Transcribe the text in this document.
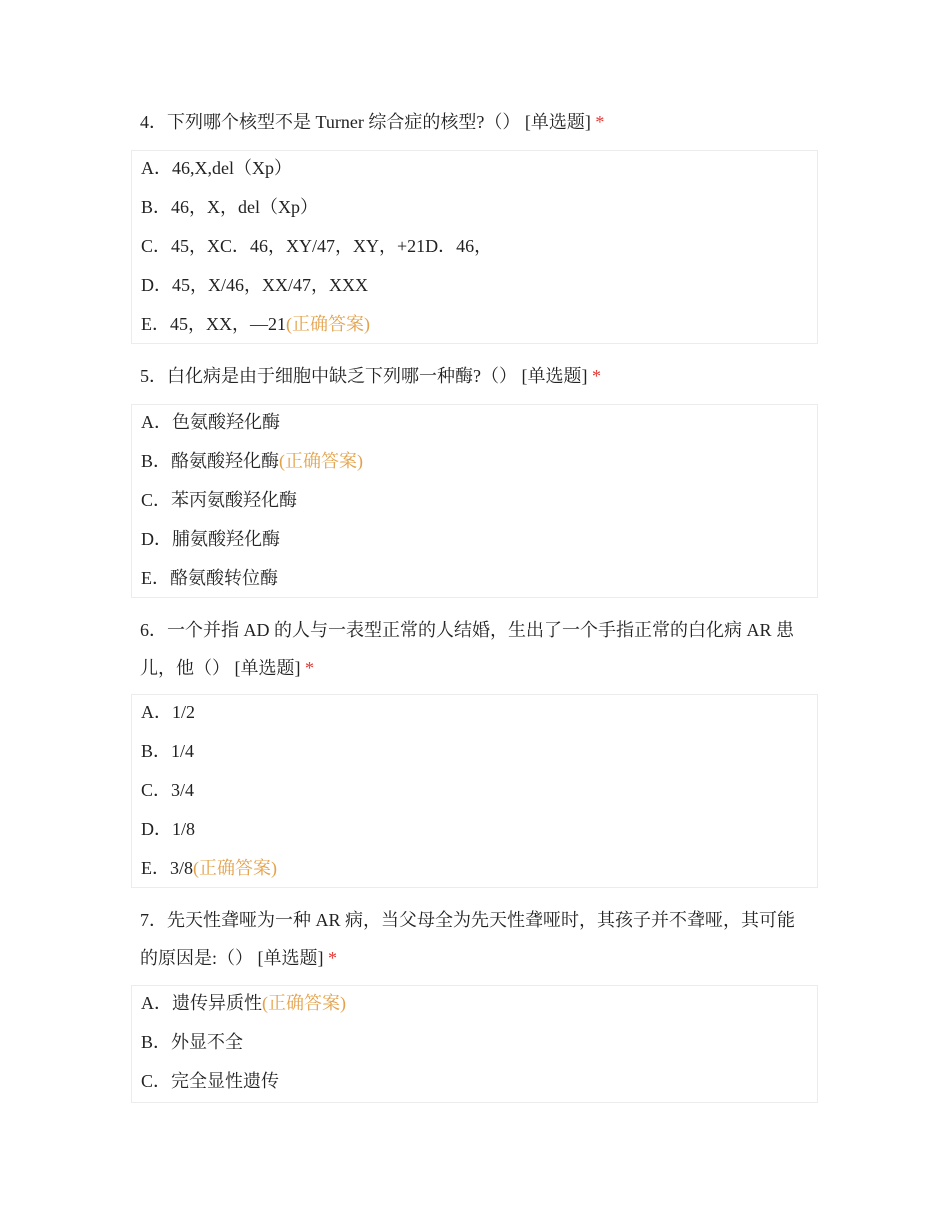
4．下列哪个核型不是 Turner 综合症的核型?（） [单选题] *
A．46,X,del（Xp）
B．46，X，del（Xp）
C．45，XC．46，XY/47，XY，+21D．46，
D．45，X/46，XX/47，XXX
E．45，XX，—21(正确答案)
5．白化病是由于细胞中缺乏下列哪一种酶?（） [单选题] *
A．色氨酸羟化酶
B．酪氨酸羟化酶(正确答案)
C．苯丙氨酸羟化酶
D．脯氨酸羟化酶
E．酪氨酸转位酶
6．一个并指 AD 的人与一表型正常的人结婚，生出了一个手指正常的白化病 AR 患儿，他（） [单选题] *
A．1/2
B．1/4
C．3/4
D．1/8
E．3/8(正确答案)
7．先天性聋哑为一种 AR 病，当父母全为先天性聋哑时，其孩子并不聋哑，其可能的原因是:（） [单选题] *
A．遗传异质性(正确答案)
B．外显不全
C．完全显性遗传
